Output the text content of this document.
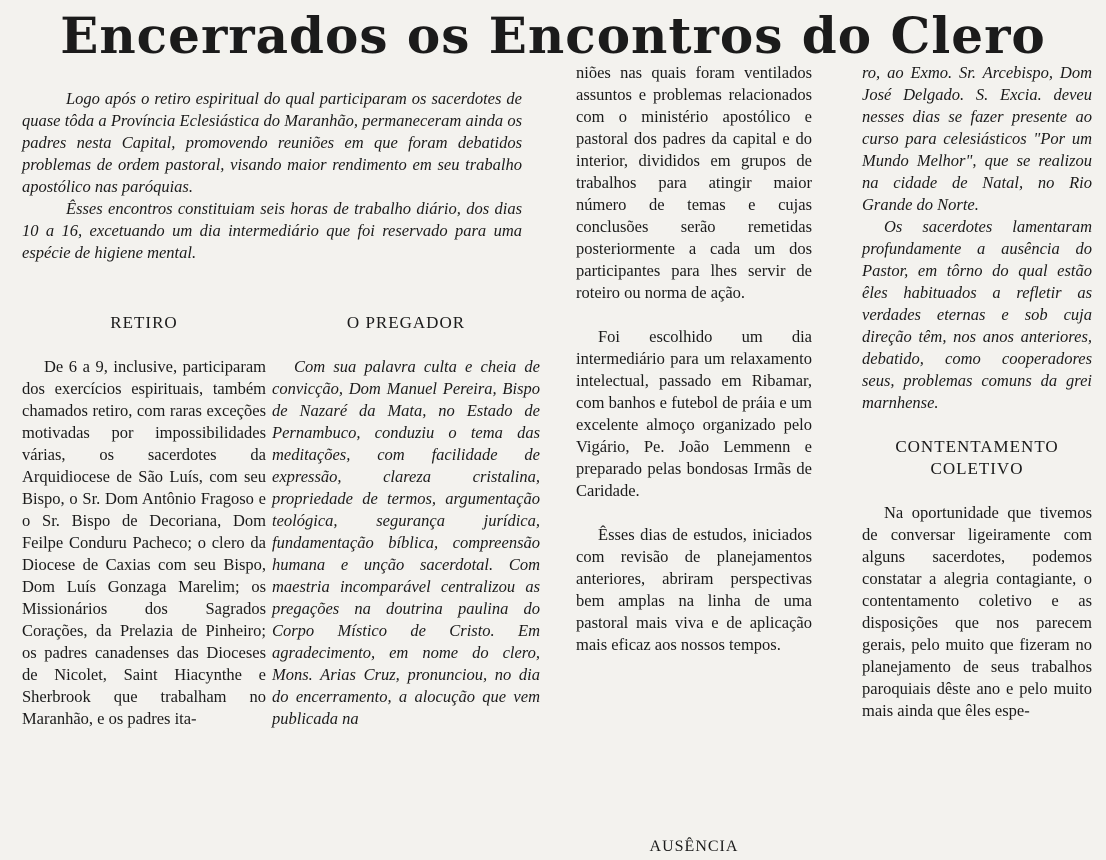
Encerrados os Encontros do Clero

Logo após o retiro espiritual do qual participaram os sacerdotes de quase tôda a Província Eclesiástica do Maranhão, permaneceram ainda os padres nesta Capital, promovendo reuniões em que foram debatidos problemas de ordem pastoral, visando maior rendimento em seu trabalho apostólico nas paróquias.

Êsses encontros constituiam seis horas de trabalho diário, dos dias 10 a 16, excetuando um dia intermediário que foi reservado para uma espécie de higiene mental.

RETIRO

De 6 a 9, inclusive, participaram dos exercícios espirituais, também chamados retiro, com raras exceções motivadas por impossibilidades várias, os sacerdotes da Arquidiocese de São Luís, com seu Bispo, o Sr. Dom Antônio Fragoso e o Sr. Bispo de Decoriana, Dom Feilpe Conduru Pacheco; o clero da Diocese de Caxias com seu Bispo, Dom Luís Gonzaga Marelim; os Missionários dos Sagrados Corações, da Prelazia de Pinheiro; os padres canadenses das Dioceses de Nicolet, Saint Hiacynthe e Sherbrook que trabalham no Maranhão, e os padres ita-

O PREGADOR

Com sua palavra culta e cheia de convicção, Dom Manuel Pereira, Bispo de Nazaré da Mata, no Estado de Pernambuco, conduziu o tema das meditações, com facilidade de expressão, clareza cristalina, propriedade de termos, argumentação teológica, segurança jurídica, fundamentação bíblica, compreensão humana e unção sacerdotal. Com maestria incomparável centralizou as pregações na doutrina paulina do Corpo Místico de Cristo. Em agradecimento, em nome do clero, Mons. Arias Cruz, pronunciou, no dia do encerramento, a alocução que vem publicada na

niões nas quais foram ventilados assuntos e problemas relacionados com o ministério apostólico e pastoral dos padres da capital e do interior, divididos em grupos de trabalhos para atingir maior número de temas e cujas conclusões serão remetidas posteriormente a cada um dos participantes para lhes servir de roteiro ou norma de ação.

Foi escolhido um dia intermediário para um relaxamento intelectual, passado em Ribamar, com banhos e futebol de práia e um excelente almoço organizado pelo Vigário, Pe. João Lemmenn e preparado pelas bondosas Irmãs de Caridade.

Êsses dias de estudos, iniciados com revisão de planejamentos anteriores, abriram perspectivas bem amplas na linha de uma pastoral mais viva e de aplicação mais eficaz aos nossos tempos.

AUSÊNCIA

ro, ao Exmo. Sr. Arcebispo, Dom José Delgado. S. Excia. deveu nesses dias se fazer presente ao curso para celesiásticos "Por um Mundo Melhor", que se realizou na cidade de Natal, no Rio Grande do Norte.

Os sacerdotes lamentaram profundamente a ausência do Pastor, em tôrno do qual estão êles habituados a refletir as verdades eternas e sob cuja direção têm, nos anos anteriores, debatido, como cooperadores seus, problemas comuns da grei marnhense.

CONTENTAMENTO COLETIVO

Na oportunidade que tivemos de conversar ligeiramente com alguns sacerdotes, podemos constatar a alegria contagiante, o contentamento coletivo e as disposições que nos parecem gerais, pelo muito que fizeram no planejamento de seus trabalhos paroquiais dêste ano e pelo muito mais ainda que êles espe-
